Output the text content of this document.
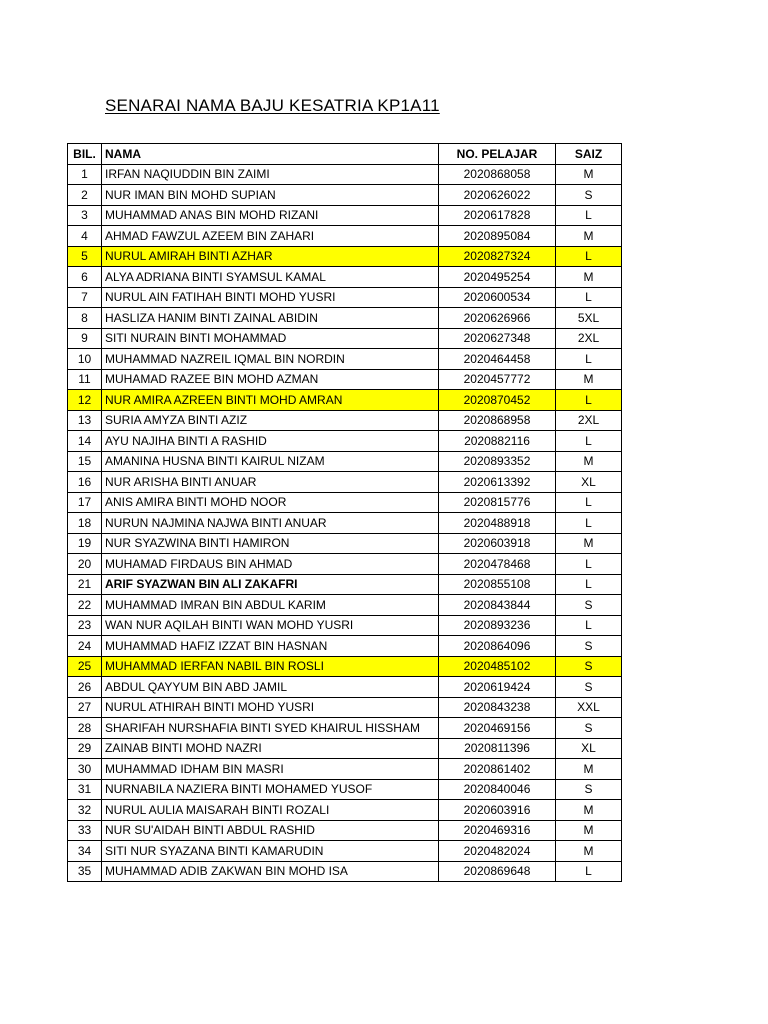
SENARAI NAMA BAJU KESATRIA KP1A11
BIL.	NAMA	NO. PELAJAR	SAIZ
1	IRFAN NAQIUDDIN BIN ZAIMI	2020868058	M
2	NUR IMAN BIN MOHD SUPIAN	2020626022	S
3	MUHAMMAD ANAS BIN MOHD RIZANI	2020617828	L
4	AHMAD FAWZUL AZEEM BIN ZAHARI	2020895084	M
5	NURUL AMIRAH BINTI AZHAR	2020827324	L
6	ALYA ADRIANA BINTI SYAMSUL KAMAL	2020495254	M
7	NURUL AIN FATIHAH BINTI MOHD YUSRI	2020600534	L
8	HASLIZA HANIM BINTI ZAINAL ABIDIN	2020626966	5XL
9	SITI NURAIN BINTI MOHAMMAD	2020627348	2XL
10	MUHAMMAD NAZREIL IQMAL BIN NORDIN	2020464458	L
11	MUHAMAD RAZEE BIN MOHD AZMAN	2020457772	M
12	NUR AMIRA AZREEN BINTI MOHD AMRAN	2020870452	L
13	SURIA AMYZA BINTI AZIZ	2020868958	2XL
14	AYU NAJIHA BINTI A RASHID	2020882116	L
15	AMANINA HUSNA BINTI KAIRUL NIZAM	2020893352	M
16	NUR ARISHA BINTI ANUAR	2020613392	XL
17	ANIS AMIRA BINTI MOHD NOOR	2020815776	L
18	NURUN NAJMINA NAJWA BINTI ANUAR	2020488918	L
19	NUR SYAZWINA BINTI HAMIRON	2020603918	M
20	MUHAMAD FIRDAUS BIN AHMAD	2020478468	L
21	ARIF SYAZWAN BIN ALI ZAKAFRI	2020855108	L
22	MUHAMMAD IMRAN BIN ABDUL KARIM	2020843844	S
23	WAN NUR AQILAH BINTI WAN MOHD YUSRI	2020893236	L
24	MUHAMMAD HAFIZ IZZAT BIN HASNAN	2020864096	S
25	MUHAMMAD IERFAN NABIL BIN ROSLI	2020485102	S
26	ABDUL QAYYUM BIN ABD JAMIL	2020619424	S
27	NURUL ATHIRAH BINTI MOHD YUSRI	2020843238	XXL
28	SHARIFAH NURSHAFIA BINTI SYED KHAIRUL HISSHAM	2020469156	S
29	ZAINAB BINTI MOHD NAZRI	2020811396	XL
30	MUHAMMAD IDHAM BIN MASRI	2020861402	M
31	NURNABILA NAZIERA BINTI MOHAMED YUSOF	2020840046	S
32	NURUL AULIA MAISARAH BINTI ROZALI	2020603916	M
33	NUR SU'AIDAH BINTI ABDUL RASHID	2020469316	M
34	SITI NUR SYAZANA BINTI KAMARUDIN	2020482024	M
35	MUHAMMAD ADIB ZAKWAN BIN MOHD ISA	2020869648	L
